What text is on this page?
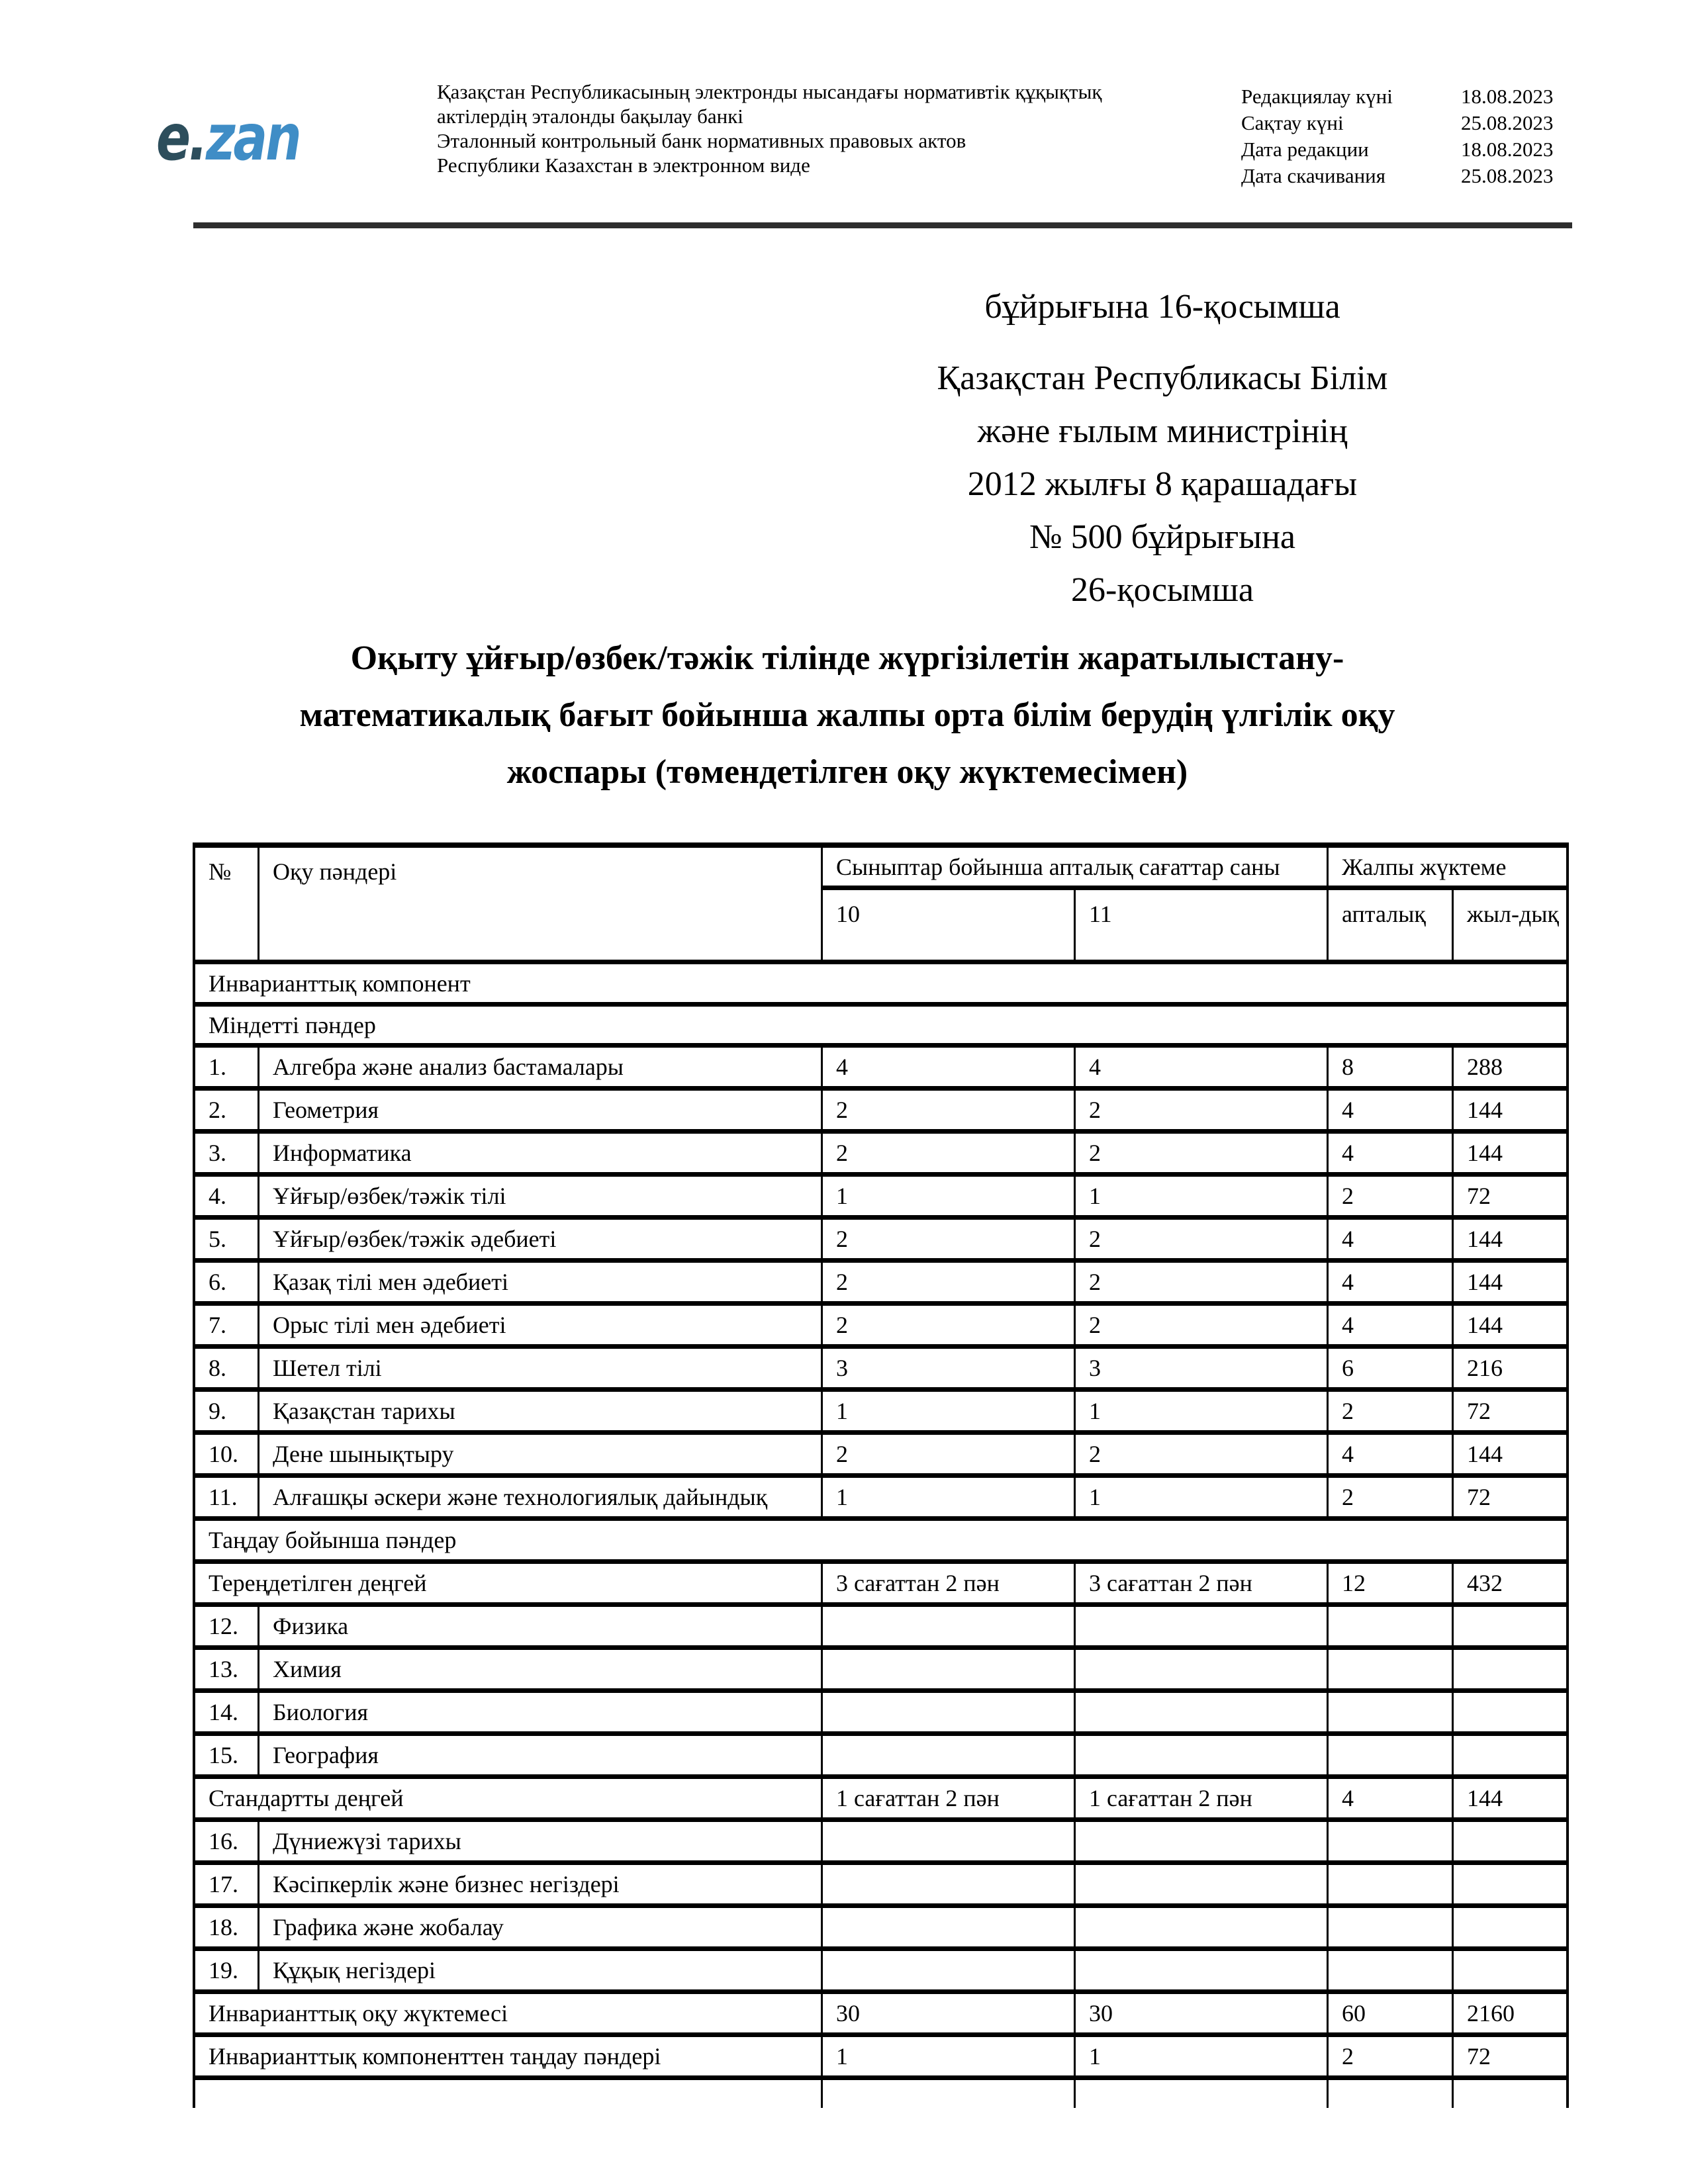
e.zan
Қазақстан Республикасының электронды нысандағы нормативтік құқықтық
актілердің эталонды бақылау банкі
Эталонный контрольный банк нормативных правовых актов
Республики Казахстан в электронном виде
Редакциялау күні	18.08.2023
Сақтау күні	25.08.2023
Дата редакции	18.08.2023
Дата скачивания	25.08.2023
бұйрығына 16-қосымша
Қазақстан Республикасы Білім
және ғылым министрінің
2012 жылғы 8 қарашадағы
№ 500 бұйрығына
26-қосымша
Оқыту ұйғыр/өзбек/тәжік тілінде жүргізілетін жаратылыстану-
математикалық бағыт бойынша жалпы орта білім берудің үлгілік оқу
жоспары (төмендетілген оқу жүктемесімен)
№	Оқу пәндері	Сыныптар бойынша апталық сағаттар саны	Жалпы жүктеме
10	11	апталық	жыл-дық
Инварианттық компонент
Міндетті пәндер
1.	Алгебра және анализ бастамалары	4	4	8	288
2.	Геометрия	2	2	4	144
3.	Информатика	2	2	4	144
4.	Ұйғыр/өзбек/тәжік тілі	1	1	2	72
5.	Ұйғыр/өзбек/тәжік әдебиеті	2	2	4	144
6.	Қазақ тілі мен әдебиеті	2	2	4	144
7.	Орыс тілі мен әдебиеті	2	2	4	144
8.	Шетел тілі	3	3	6	216
9.	Қазақстан тарихы	1	1	2	72
10.	Дене шынықтыру	2	2	4	144
11.	Алғашқы әскери және технологиялық дайындық	1	1	2	72
Таңдау бойынша пәндер
Тереңдетілген деңгей	3 сағаттан 2 пән	3 сағаттан 2 пән	12	432
12.	Физика
13.	Химия
14.	Биология
15.	География
Стандартты деңгей	1 сағаттан 2 пән	1 сағаттан 2 пән	4	144
16.	Дүниежүзі тарихы
17.	Кәсіпкерлік және бизнес негіздері
18.	Графика және жобалау
19.	Құқық негіздері
Инварианттық оқу жүктемесі	30	30	60	2160
Инварианттық компоненттен таңдау пәндері	1	1	2	72
